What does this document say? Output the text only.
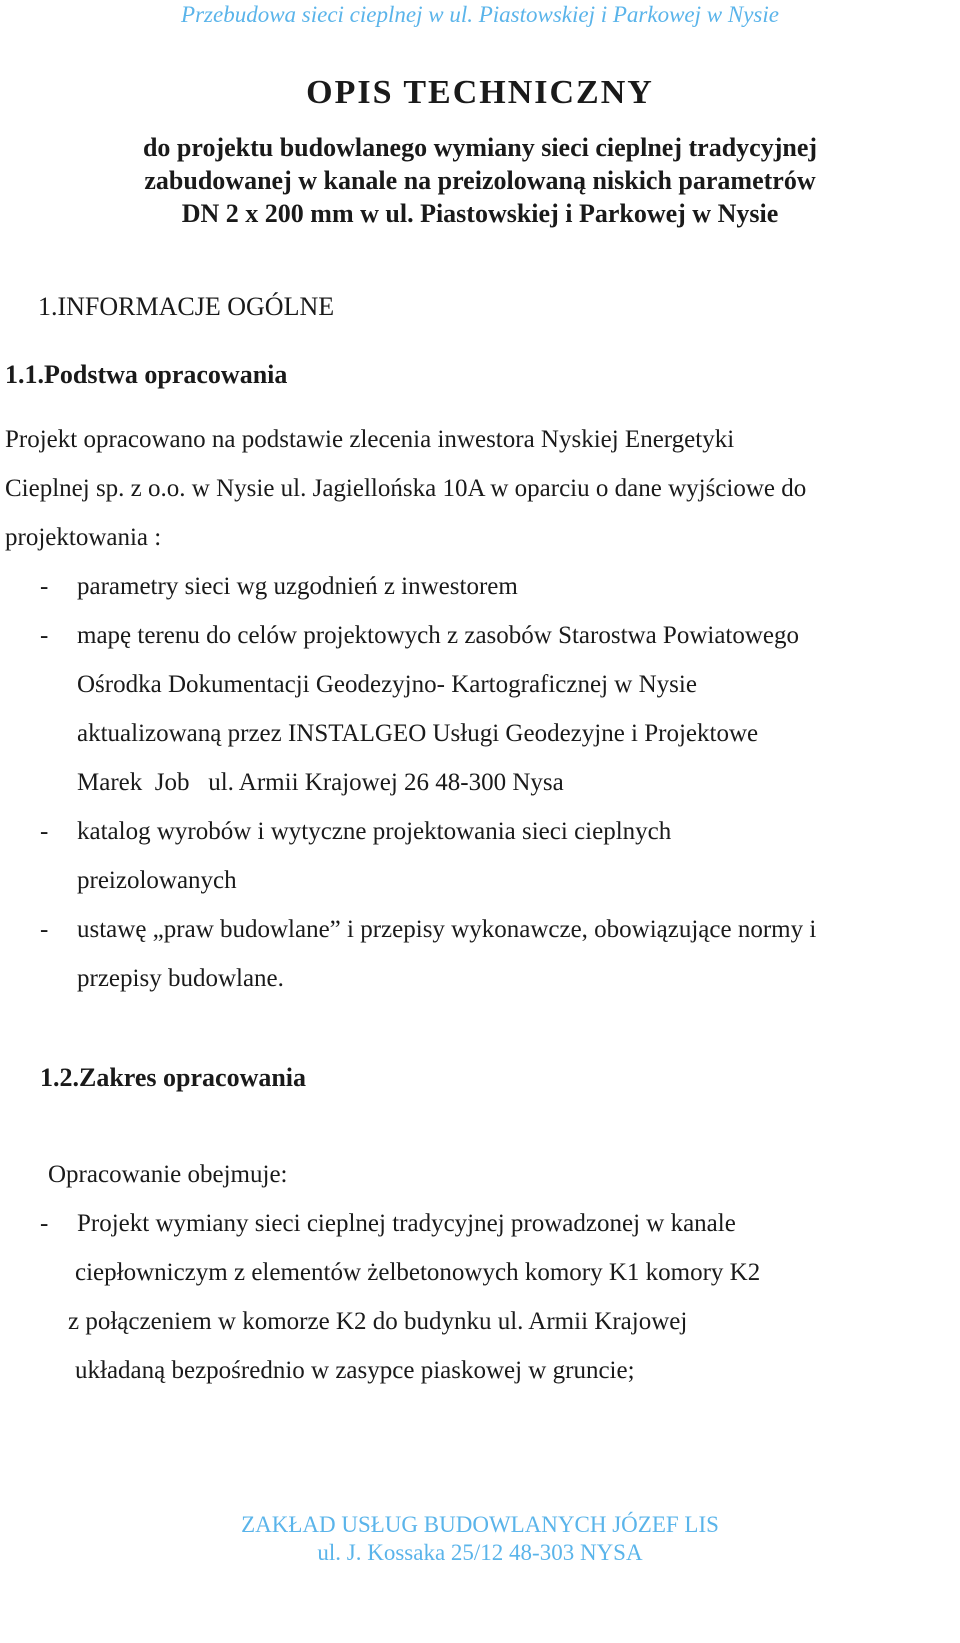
Przebudowa sieci cieplnej w ul. Piastowskiej i Parkowej w Nysie
OPIS TECHNICZNY
do projektu budowlanego wymiany sieci cieplnej tradycyjnej
zabudowanej w kanale na preizolowaną niskich parametrów
DN 2 x 200 mm w ul. Piastowskiej i Parkowej w Nysie
1.INFORMACJE OGÓLNE
1.1.Podstwa opracowania
Projekt opracowano na podstawie zlecenia inwestora Nyskiej Energetyki
Cieplnej sp. z o.o. w Nysie ul. Jagiellońska 10A w oparciu o dane wyjściowe do
projektowania :
- parametry sieci wg uzgodnień z inwestorem
- mapę terenu do celów projektowych z zasobów Starostwa Powiatowego
Ośrodka Dokumentacji Geodezyjno- Kartograficznej w Nysie
aktualizowaną przez INSTALGEO Usługi Geodezyjne i Projektowe
Marek  Job   ul. Armii Krajowej 26 48-300 Nysa
- katalog wyrobów i wytyczne projektowania sieci cieplnych
preizolowanych
- ustawę „praw budowlane” i przepisy wykonawcze, obowiązujące normy i
przepisy budowlane.
1.2.Zakres opracowania
Opracowanie obejmuje:
- Projekt wymiany sieci cieplnej tradycyjnej prowadzonej w kanale
ciepłowniczym z elementów żelbetonowych komory K1 komory K2
z połączeniem w komorze K2 do budynku ul. Armii Krajowej
układaną bezpośrednio w zasypce piaskowej w gruncie;
ZAKŁAD USŁUG BUDOWLANYCH JÓZEF LIS
ul. J. Kossaka 25/12 48-303 NYSA
